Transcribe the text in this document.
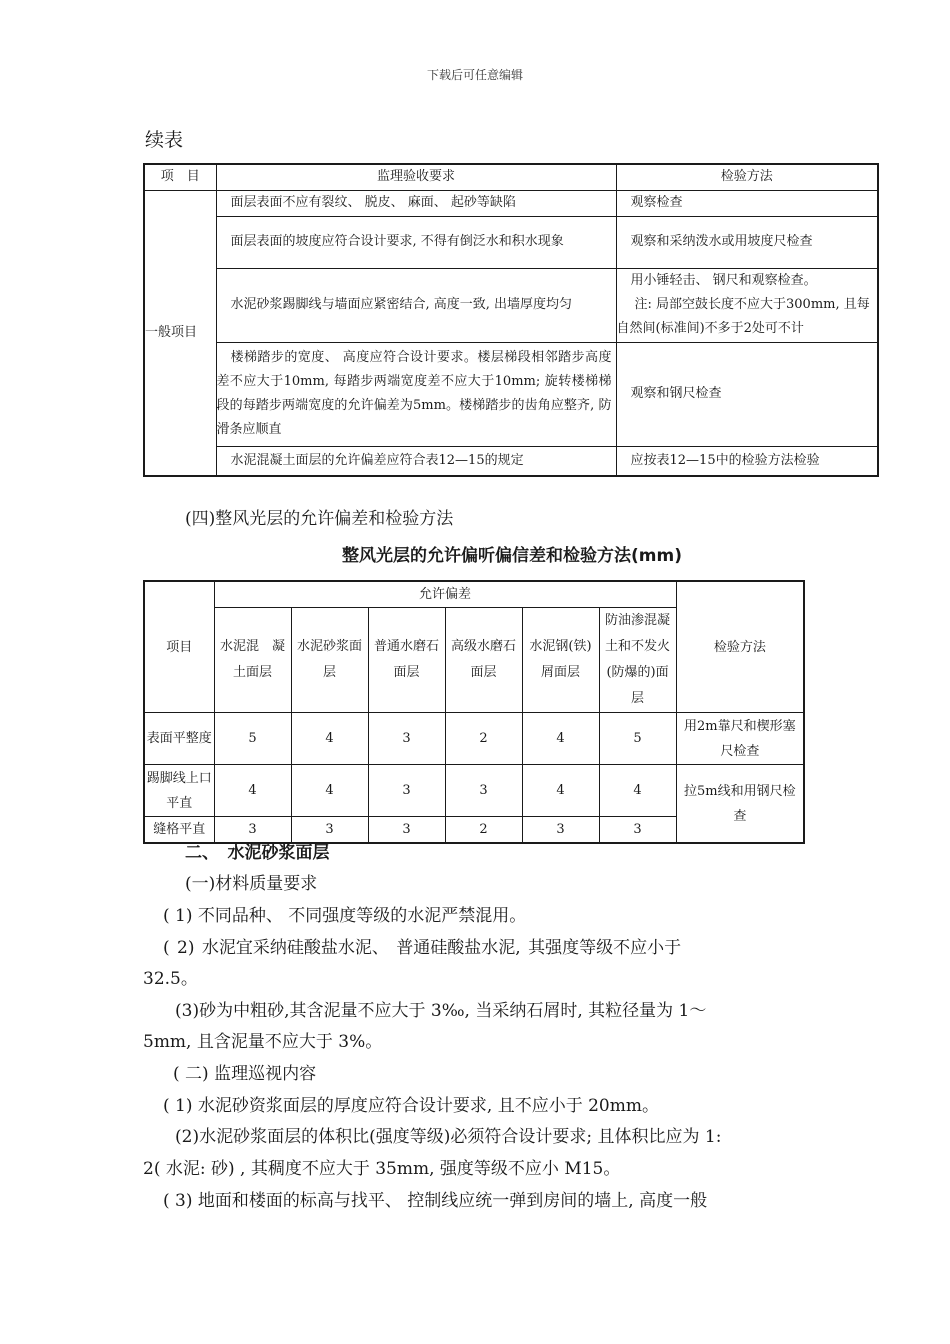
下载后可任意编辑
续表
项　目	监理验收要求	检验方法
一般项目	面层表面不应有裂纹、 脱皮、 麻面、 起砂等缺陷	观察检查
	面层表面的坡度应符合设计要求, 不得有倒泛水和积水现象	观察和采纳泼水或用坡度尺检查
	水泥砂浆踢脚线与墙面应紧密结合, 高度一致, 出墙厚度均匀	用小锤轻击、 钢尺和观察检查。
注: 局部空鼓长度不应大于300mm, 且每自然间(标准间)不多于2处可不计

	楼梯踏步的宽度、 高度应符合设计要求。楼层梯段相邻踏步高度差不应大于10mm, 每踏步两端宽度差不应大于10mm; 旋转楼梯梯段的每踏步两端宽度的允许偏差为5mm。楼梯踏步的齿角应整齐, 防滑条应顺直	观察和钢尺检查
	水泥混凝土面层的允许偏差应符合表12—15的规定	应按表12—15中的检验方法检验
(四)整风光层的允许偏差和检验方法
整风光层的允许偏听偏信差和检验方法(mm)
项目	允许偏差						检验方法
	水泥混　凝土面层	水泥砂浆面层	普通水磨石面层	高级水磨石面层	水泥钢(铁)屑面层	防油渗混凝土和不发火(防爆的)面层	
表面平整度	5	4	3	2	4	5	用2m靠尺和楔形塞尺检查
踢脚线上口平直	4	4	3	3	4	4	拉5m线和用钢尺检查
缝格平直	3	3	3	2	3	3	
二、　水泥砂浆面层
(一)材料质量要求
( 1) 不同品种、 不同强度等级的水泥严禁混用。
( 2) 水泥宜采纳硅酸盐水泥、 普通硅酸盐水泥, 其强度等级不应小于
32.5。
(3)砂为中粗砂,其含泥量不应大于 3‰, 当采纳石屑时, 其粒径量为 1～
5mm, 且含泥量不应大于 3%。
( 二) 监理巡视内容
( 1) 水泥砂资浆面层的厚度应符合设计要求, 且不应小于 20mm。
(2)水泥砂浆面层的体积比(强度等级)必须符合设计要求; 且体积比应为 1:
2( 水泥: 砂) , 其稠度不应大于 35mm, 强度等级不应小 M15。
( 3) 地面和楼面的标高与找平、 控制线应统一弹到房间的墙上, 高度一般
